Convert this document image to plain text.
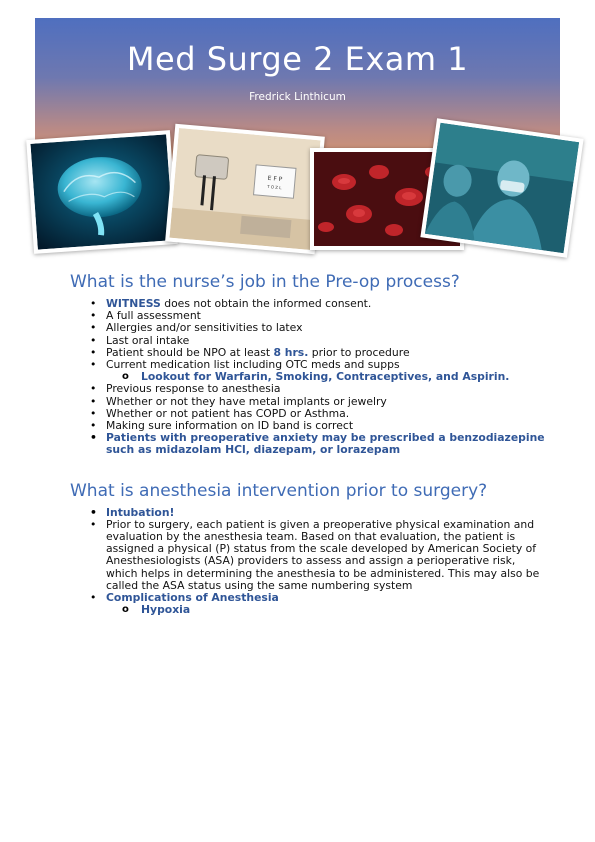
Med Surge 2 Exam 1
Fredrick Linthicum
E F P
T O Z L
What is the nurse’s job in the Pre-op process?
• WITNESS does not obtain the informed consent.
• A full assessment
• Allergies and/or sensitivities to latex
• Last oral intake
• Patient should be NPO at least 8 hrs. prior to procedure
• Current medication list including OTC meds and supps
o Lookout for Warfarin, Smoking, Contraceptives, and Aspirin.
• Previous response to anesthesia
• Whether or not they have metal implants or jewelry
• Whether or not patient has COPD or Asthma.
• Making sure information on ID band is correct
• Patients with preoperative anxiety may be prescribed a benzodiazepine such as midazolam HCl, diazepam, or lorazepam
What is anesthesia intervention prior to surgery?
• Intubation!
• Prior to surgery, each patient is given a preoperative physical examination and evaluation by the anesthesia team. Based on that evaluation, the patient is assigned a physical (P) status from the scale developed by American Society of Anesthesiologists (ASA) providers to assess and assign a perioperative risk, which helps in determining the anesthesia to be administered. This may also be called the ASA status using the same numbering system
• Complications of Anesthesia
o Hypoxia
